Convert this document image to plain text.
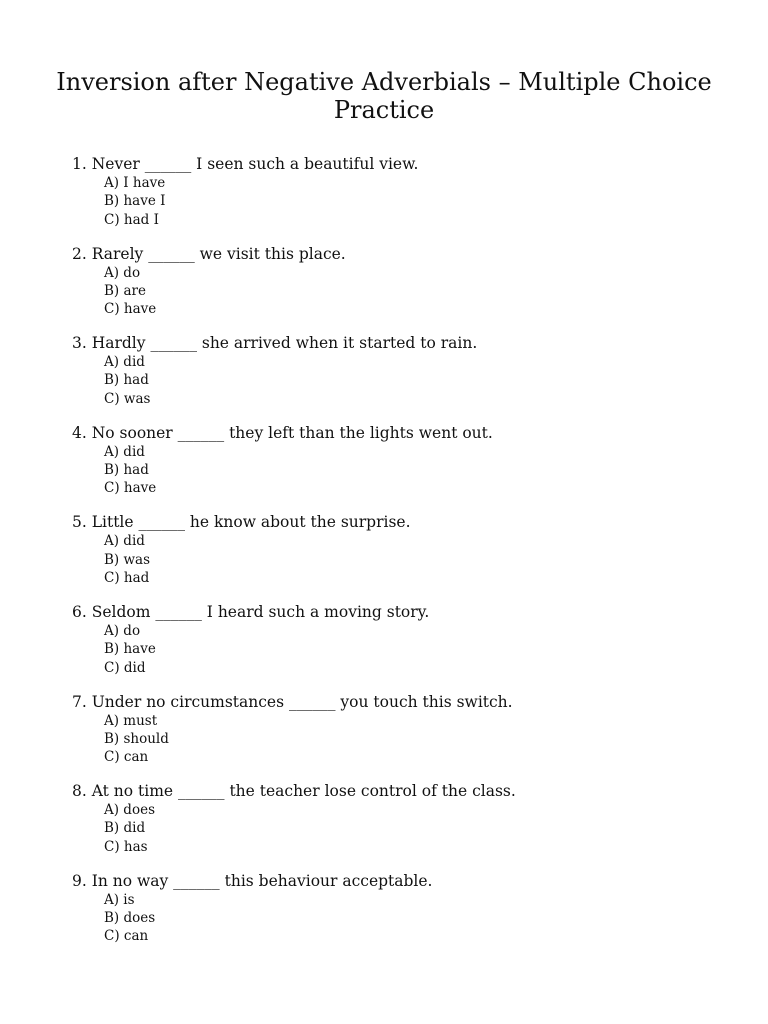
Inversion after Negative Adverbials – Multiple Choice Practice
1. Never ______ I seen such a beautiful view.
A) I have
B) have I
C) had I
2. Rarely ______ we visit this place.
A) do
B) are
C) have
3. Hardly ______ she arrived when it started to rain.
A) did
B) had
C) was
4. No sooner ______ they left than the lights went out.
A) did
B) had
C) have
5. Little ______ he know about the surprise.
A) did
B) was
C) had
6. Seldom ______ I heard such a moving story.
A) do
B) have
C) did
7. Under no circumstances ______ you touch this switch.
A) must
B) should
C) can
8. At no time ______ the teacher lose control of the class.
A) does
B) did
C) has
9. In no way ______ this behaviour acceptable.
A) is
B) does
C) can
